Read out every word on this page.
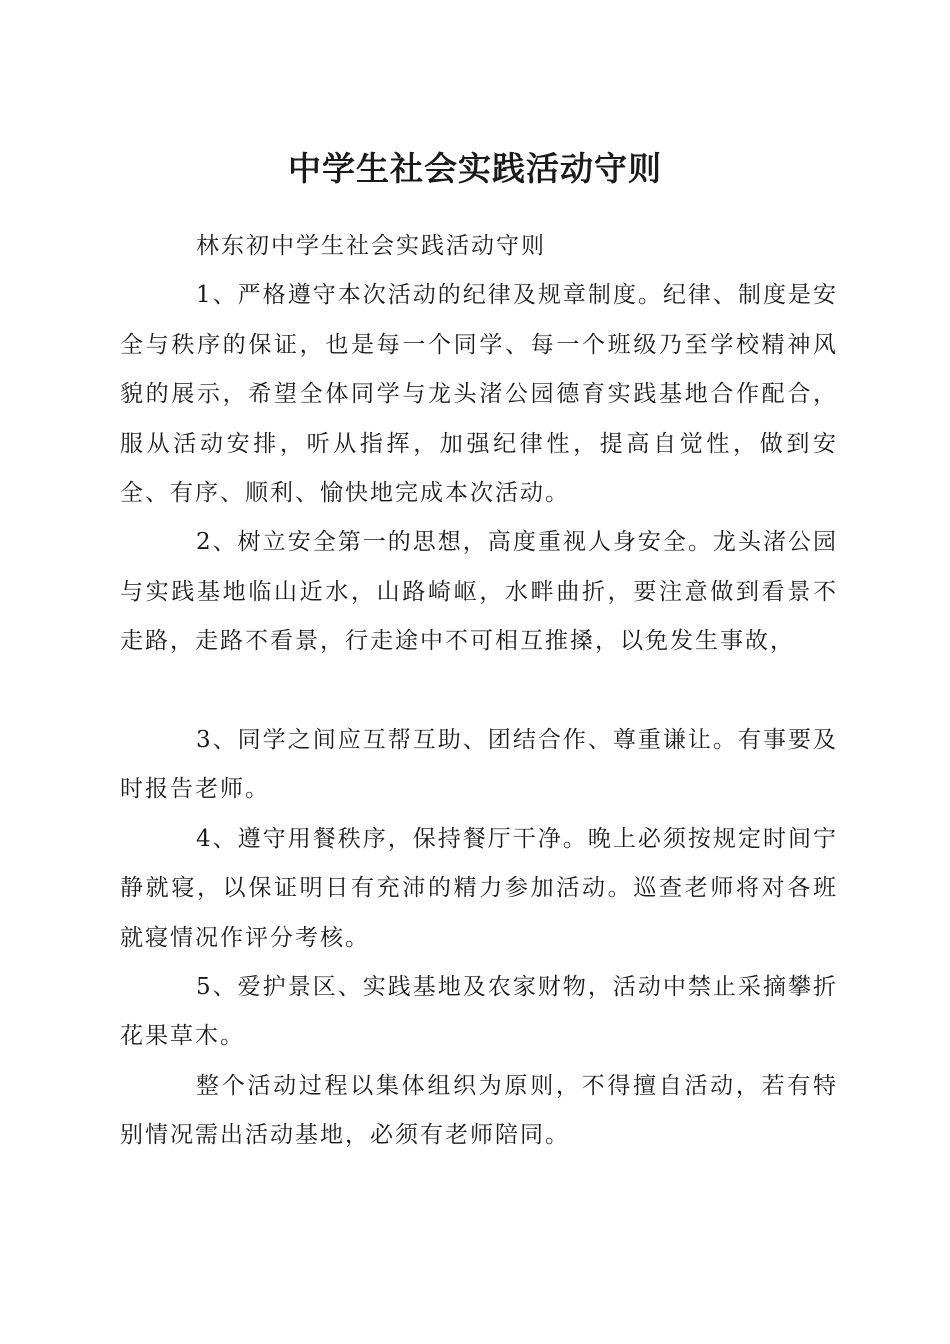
中学生社会实践活动守则

林东初中学生社会实践活动守则

1、严格遵守本次活动的纪律及规章制度。纪律、制度是安全与秩序的保证，也是每一个同学、每一个班级乃至学校精神风貌的展示，希望全体同学与龙头渚公园德育实践基地合作配合，服从活动安排，听从指挥，加强纪律性，提高自觉性，做到安全、有序、顺利、愉快地完成本次活动。

2、树立安全第一的思想，高度重视人身安全。龙头渚公园与实践基地临山近水，山路崎岖，水畔曲折，要注意做到看景不走路，走路不看景，行走途中不可相互推搡，以免发生事故，

3、同学之间应互帮互助、团结合作、尊重谦让。有事要及时报告老师。

4、遵守用餐秩序，保持餐厅干净。晚上必须按规定时间宁静就寝，以保证明日有充沛的精力参加活动。巡查老师将对各班就寝情况作评分考核。

5、爱护景区、实践基地及农家财物，活动中禁止采摘攀折花果草木。

整个活动过程以集体组织为原则，不得擅自活动，若有特别情况需出活动基地，必须有老师陪同。
